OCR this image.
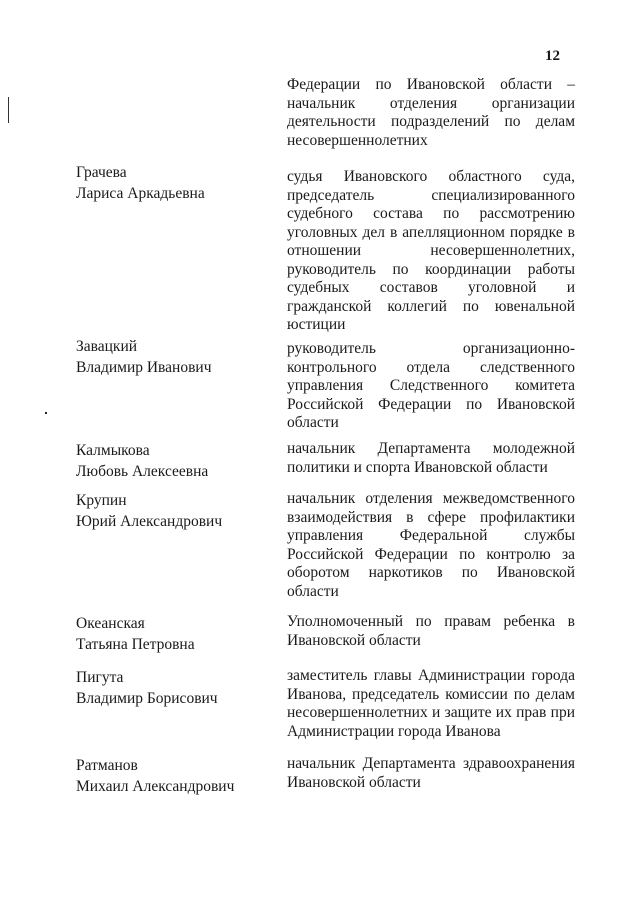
12
Федерации по Ивановской области – начальник отделения организации деятельности подразделений по делам несовершеннолетних
Грачева
Лариса Аркадьевна
судья Ивановского областного суда, председатель специализированного судебного состава по рассмотрению уголовных дел в апелляционном порядке в отношении несовершеннолетних, руководитель по координации работы судебных составов уголовной и гражданской коллегий по ювенальной юстиции
Завацкий
Владимир Иванович
руководитель организационно-контрольного отдела следственного управления Следственного комитета Российской Федерации по Ивановской области
Калмыкова
Любовь Алексеевна
начальник Департамента молодежной политики и спорта Ивановской области
Крупин
Юрий Александрович
начальник отделения межведомственного взаимодействия в сфере профилактики управления Федеральной службы Российской Федерации по контролю за оборотом наркотиков по Ивановской области
Океанская
Татьяна Петровна
Уполномоченный по правам ребенка в Ивановской области
Пигута
Владимир Борисович
заместитель главы Администрации города Иванова, председатель комиссии по делам несовершеннолетних и защите их прав при Администрации города Иванова
Ратманов
Михаил Александрович
начальник Департамента здравоохранения Ивановской области
